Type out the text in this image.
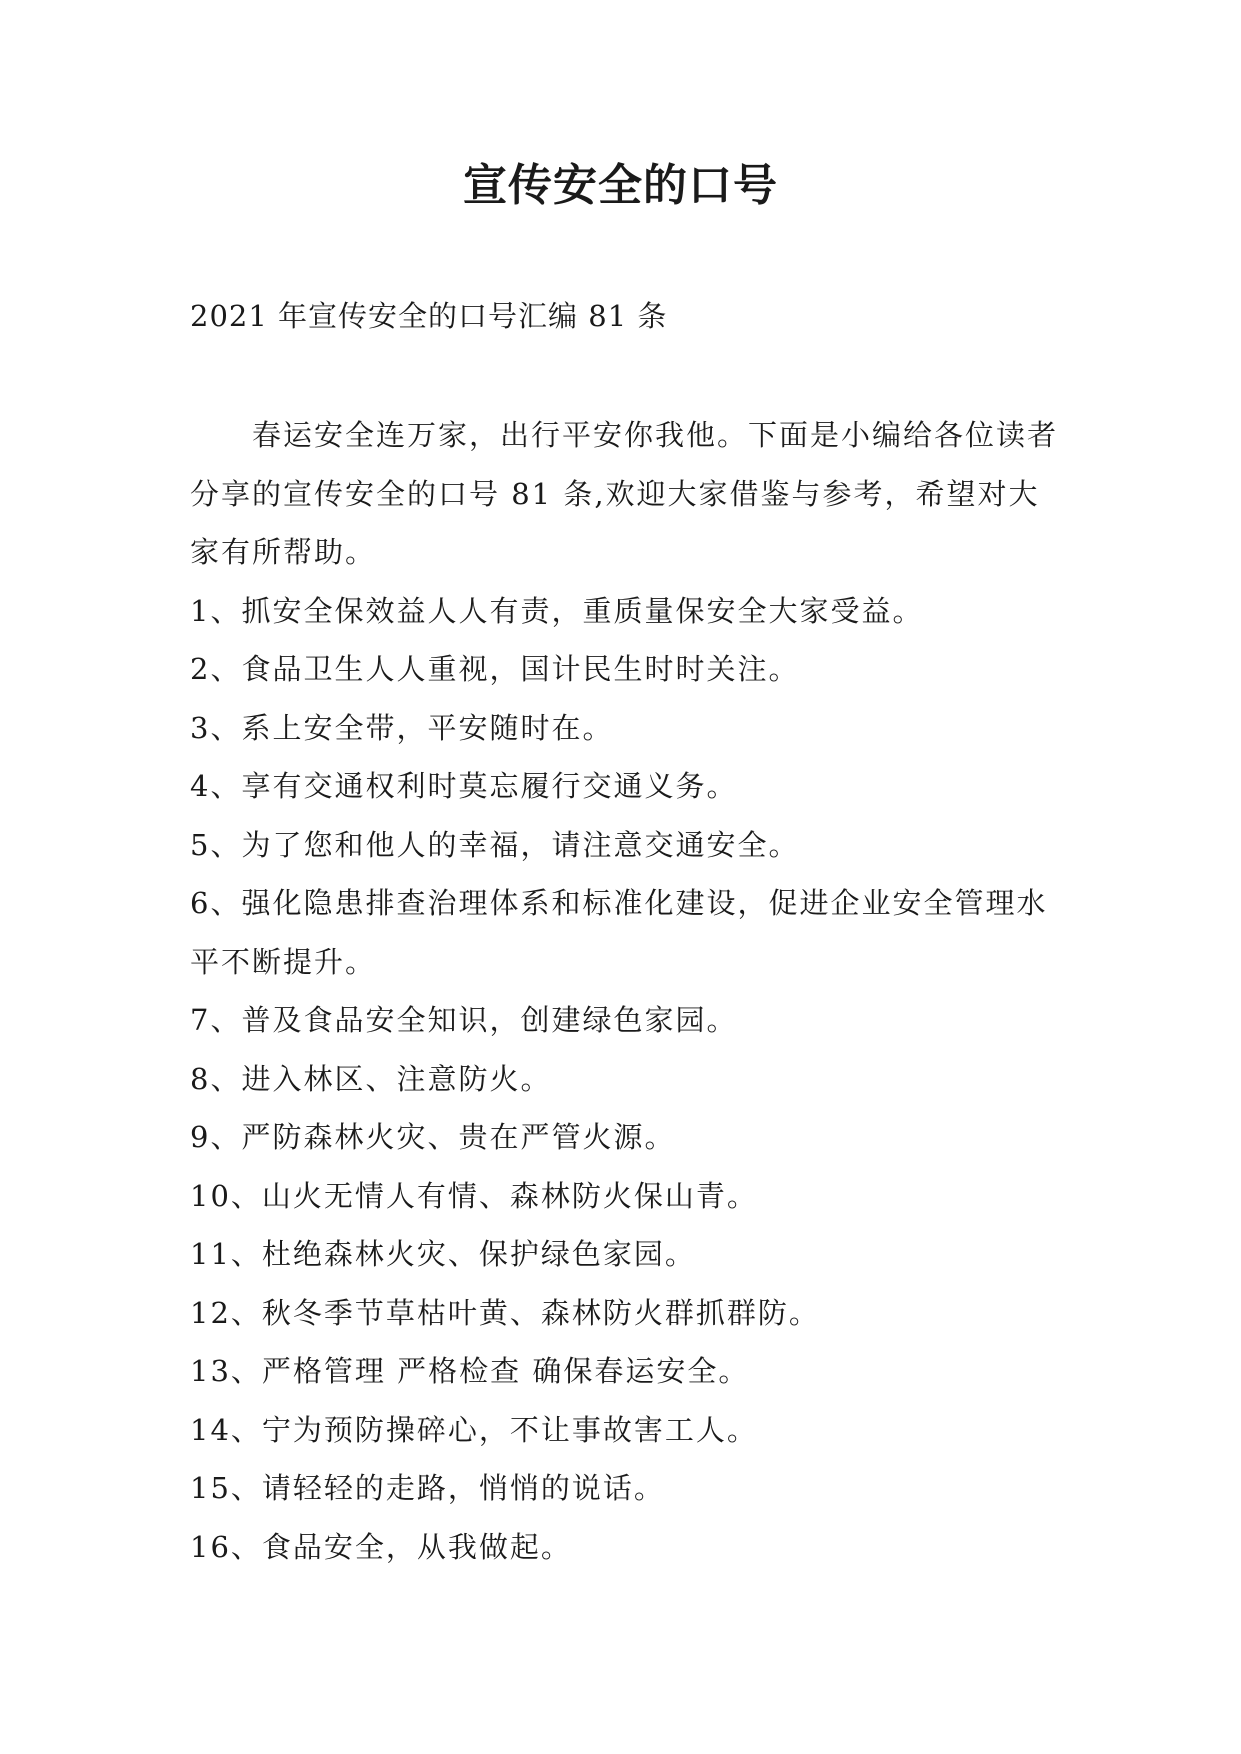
宣传安全的口号
2021 年宣传安全的口号汇编 81 条

春运安全连万家，出行平安你我他。下面是小编给各位读者分享的宣传安全的口号 81 条,欢迎大家借鉴与参考，希望对大家有所帮助。

1、抓安全保效益人人有责，重质量保安全大家受益。
2、食品卫生人人重视，国计民生时时关注。
3、系上安全带，平安随时在。
4、享有交通权利时莫忘履行交通义务。
5、为了您和他人的幸福，请注意交通安全。
6、强化隐患排查治理体系和标准化建设，促进企业安全管理水平不断提升。
7、普及食品安全知识，创建绿色家园。
8、进入林区、注意防火。
9、严防森林火灾、贵在严管火源。
10、山火无情人有情、森林防火保山青。
11、杜绝森林火灾、保护绿色家园。
12、秋冬季节草枯叶黄、森林防火群抓群防。
13、严格管理 严格检查 确保春运安全。
14、宁为预防操碎心，不让事故害工人。
15、请轻轻的走路，悄悄的说话。
16、食品安全，从我做起。
